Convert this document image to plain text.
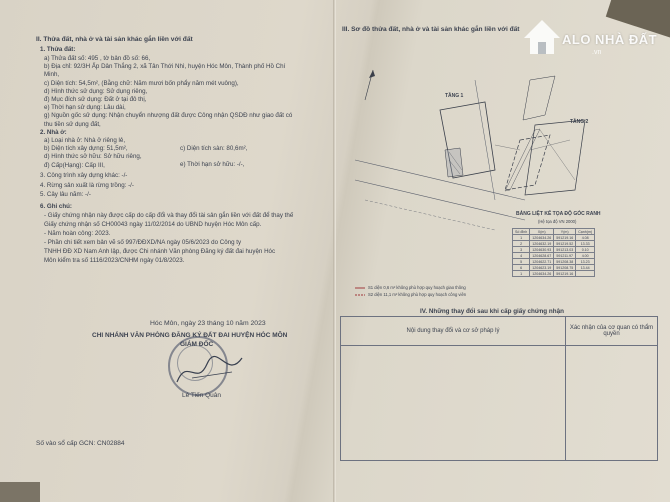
II. Thửa đất, nhà ở và tài sản khác gắn liền với đất
1. Thửa đất:
a) Thửa đất số: 495 , tờ bản đồ số: 66,
b) Địa chỉ: 92/3H Ấp Dân Thắng 2, xã Tân Thới Nhì, huyện Hóc Môn, Thành phố Hồ Chí
Minh,
c) Diện tích: 54,5m², (Bằng chữ: Năm mươi bốn phẩy năm mét vuông),
d) Hình thức sử dụng: Sử dụng riêng,
đ) Mục đích sử dụng: Đất ở tại đô thị,
e) Thời hạn sử dụng: Lâu dài,
g) Nguồn gốc sử dụng: Nhận chuyển nhượng đất được Công nhận QSDĐ như giao đất có
thu tiền sử dụng đất,
2. Nhà ở:
a) Loại nhà ở: Nhà ở riêng lẻ,
b) Diện tích xây dựng: 51,5m²,
d) Hình thức sở hữu: Sở hữu riêng,
đ) Cấp(Hạng): Cấp III,
c) Diện tích sàn: 80,6m²,
e) Thời hạn sở hữu: -/-,
3. Công trình xây dựng khác: -/-
4. Rừng sản xuất là rừng trồng: -/-
5. Cây lâu năm: -/-
6. Ghi chú:
- Giấy chứng nhận này được cấp do cấp đổi và thay đổi tài sản gắn liền với đất để thay thế
Giấy chứng nhận số CH00043 ngày 11/02/2014 do UBND huyện Hóc Môn cấp.
- Năm hoàn công: 2023.
- Phần chi tiết xem bản vẽ số 997/ĐĐXD/NA ngày 05/6/2023 do Công ty
TNHH ĐĐ XD Nam Anh lập, được Chi nhánh Văn phòng Đăng ký đất đai huyện Hóc
Môn kiểm tra số 1116/2023/CNHM ngày 01/8/2023.
Hóc Môn, ngày 23 tháng 10 năm 2023
CHI NHÁNH VĂN PHÒNG ĐĂNG KÝ ĐẤT ĐAI HUYỆN HÓC MÔN
GIÁM ĐỐC
Lê Tiến Quân
Số vào sổ cấp GCN: CN02884
III. Sơ đồ thửa đất, nhà ở và tài sản khác gắn liền với đất
TẦNG 1
TẦNG 2
BẢNG LIỆT KÊ TỌA ĐỘ GÓC RANH
(Hệ tọa độ VN 2000)
Số đỉnh	X(m)	Y(m)	Cạnh(m)
1	1204634.26	591219.16	4.08
2	1204632.19	591219.52	13.33
3	1204630.93	591213.03	0.10
4	1204628.67	591211.97	4.00
5	1204622.71	591208.38	13.23
6	1204623.19	591208.75	13.44
1	1204634.26	591219.16	
S1 diện 0,6 m² không phù hợp quy hoạch giao thông
S2 diện 11,1 m² không phù hợp quy hoạch công viên
IV. Những thay đổi sau khi cấp giấy chứng nhận
Nội dung thay đổi và cơ sở pháp lý	Xác nhận của cơ quan có thẩm quyền

ALO NHÀ ĐẤT
.vn
